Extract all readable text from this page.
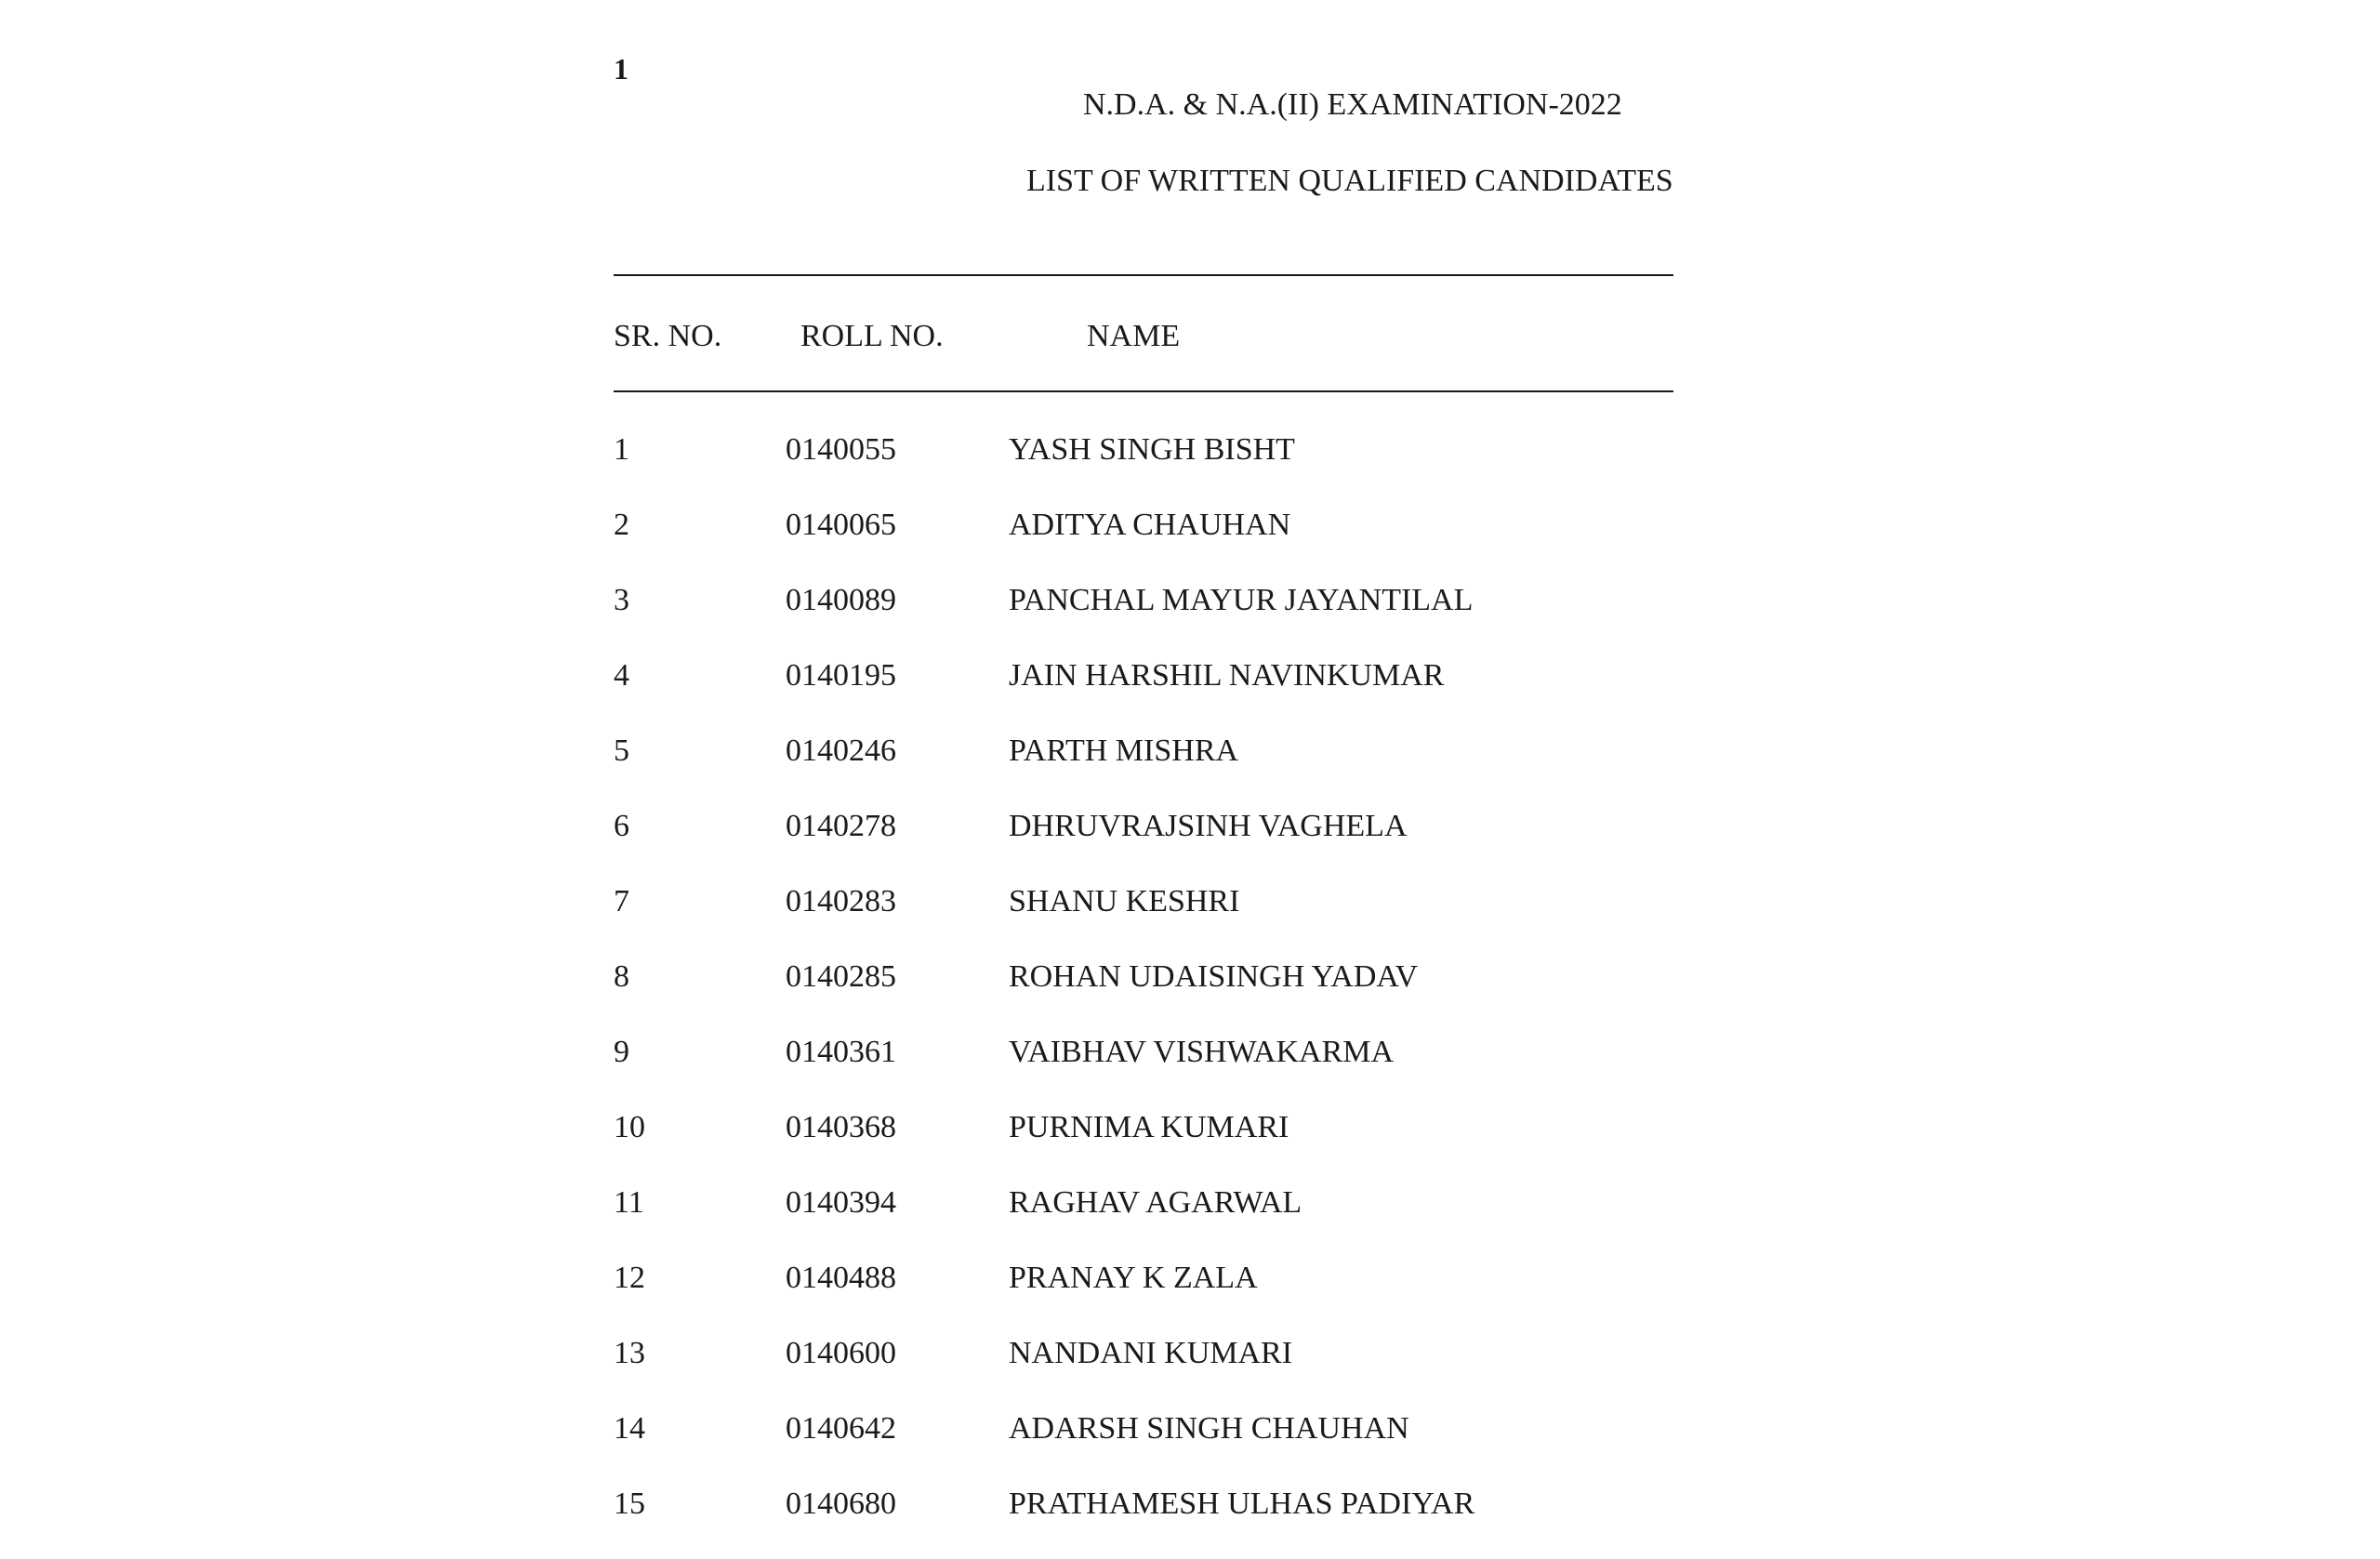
1
N.D.A. & N.A.(II) EXAMINATION-2022
LIST OF WRITTEN QUALIFIED CANDIDATES
SR. NO. ROLL NO.	NAME
1	0140055	YASH SINGH BISHT
2	0140065	ADITYA CHAUHAN
3	0140089	PANCHAL MAYUR JAYANTILAL
4	0140195	JAIN HARSHIL NAVINKUMAR
5	0140246	PARTH MISHRA
6	0140278	DHRUVRAJSINH VAGHELA
7	0140283	SHANU KESHRI
8	0140285	ROHAN UDAISINGH YADAV
9	0140361	VAIBHAV VISHWAKARMA
10	0140368	PURNIMA KUMARI
11	0140394	RAGHAV AGARWAL
12	0140488	PRANAY K ZALA
13	0140600	NANDANI KUMARI
14	0140642	ADARSH SINGH CHAUHAN
15	0140680	PRATHAMESH ULHAS PADIYAR
